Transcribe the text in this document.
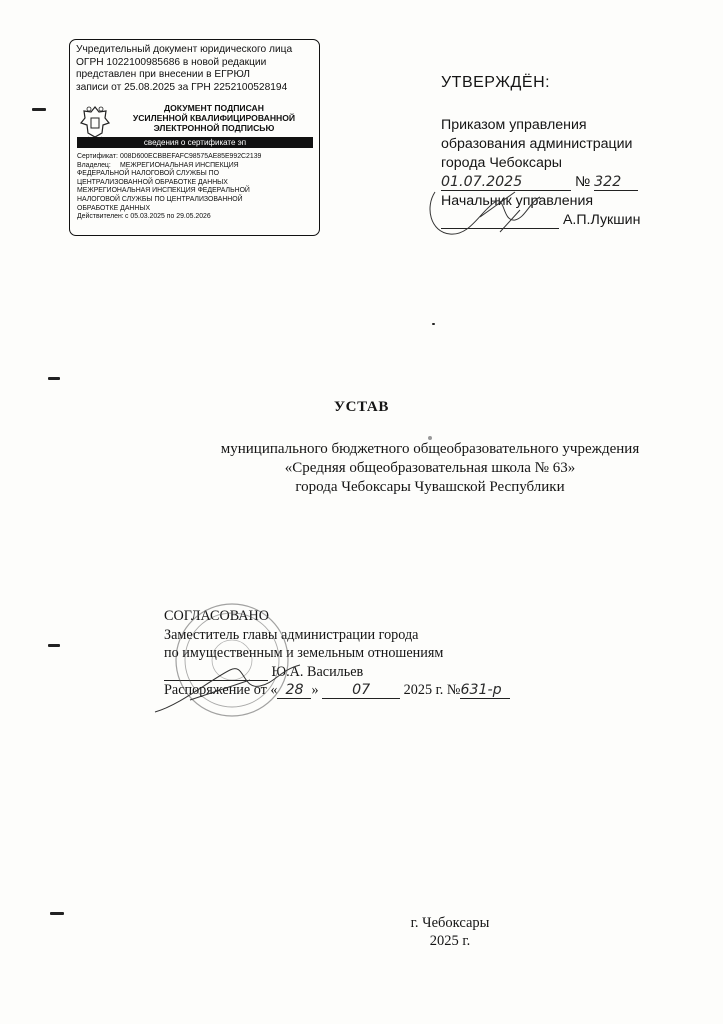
Учредительный документ юридического лица
ОГРН 1022100985686 в новой редакции
представлен при внесении в ЕГРЮЛ
записи от 25.08.2025 за ГРН 2252100528194
ДОКУМЕНТ ПОДПИСАН
УСИЛЕННОЙ КВАЛИФИЦИРОВАННОЙ
ЭЛЕКТРОННОЙ ПОДПИСЬЮ
сведения о сертификате эп
Сертификат: 008D600ECBBEFAFC98575AE85E992C2139
Владелец: МЕЖРЕГИОНАЛЬНАЯ ИНСПЕКЦИЯ
ФЕДЕРАЛЬНОЙ НАЛОГОВОЙ СЛУЖБЫ ПО
ЦЕНТРАЛИЗОВАННОЙ ОБРАБОТКЕ ДАННЫХ
МЕЖРЕГИОНАЛЬНАЯ ИНСПЕКЦИЯ ФЕДЕРАЛЬНОЙ
НАЛОГОВОЙ СЛУЖБЫ ПО ЦЕНТРАЛИЗОВАННОЙ
ОБРАБОТКЕ ДАННЫХ
Действителен:с 05.03.2025 по 29.05.2026
УТВЕРЖДЁН:
Приказом управления
образования администрации
города Чебоксары
01.07.2025	№ 322
Начальник управления
А.П.Лукшин
УСТАВ
муниципального бюджетного общеобразовательного учреждения
«Средняя общеобразовательная школа № 63»
города Чебоксары Чувашской Республики
СОГЛАСОВАНО
Заместитель главы администрации города
по имущественным и земельным отношениям
Ю.А. Васильев
Распоряжение от « 28 » 07 2025 г. №631-р
г. Чебоксары
2025 г.
